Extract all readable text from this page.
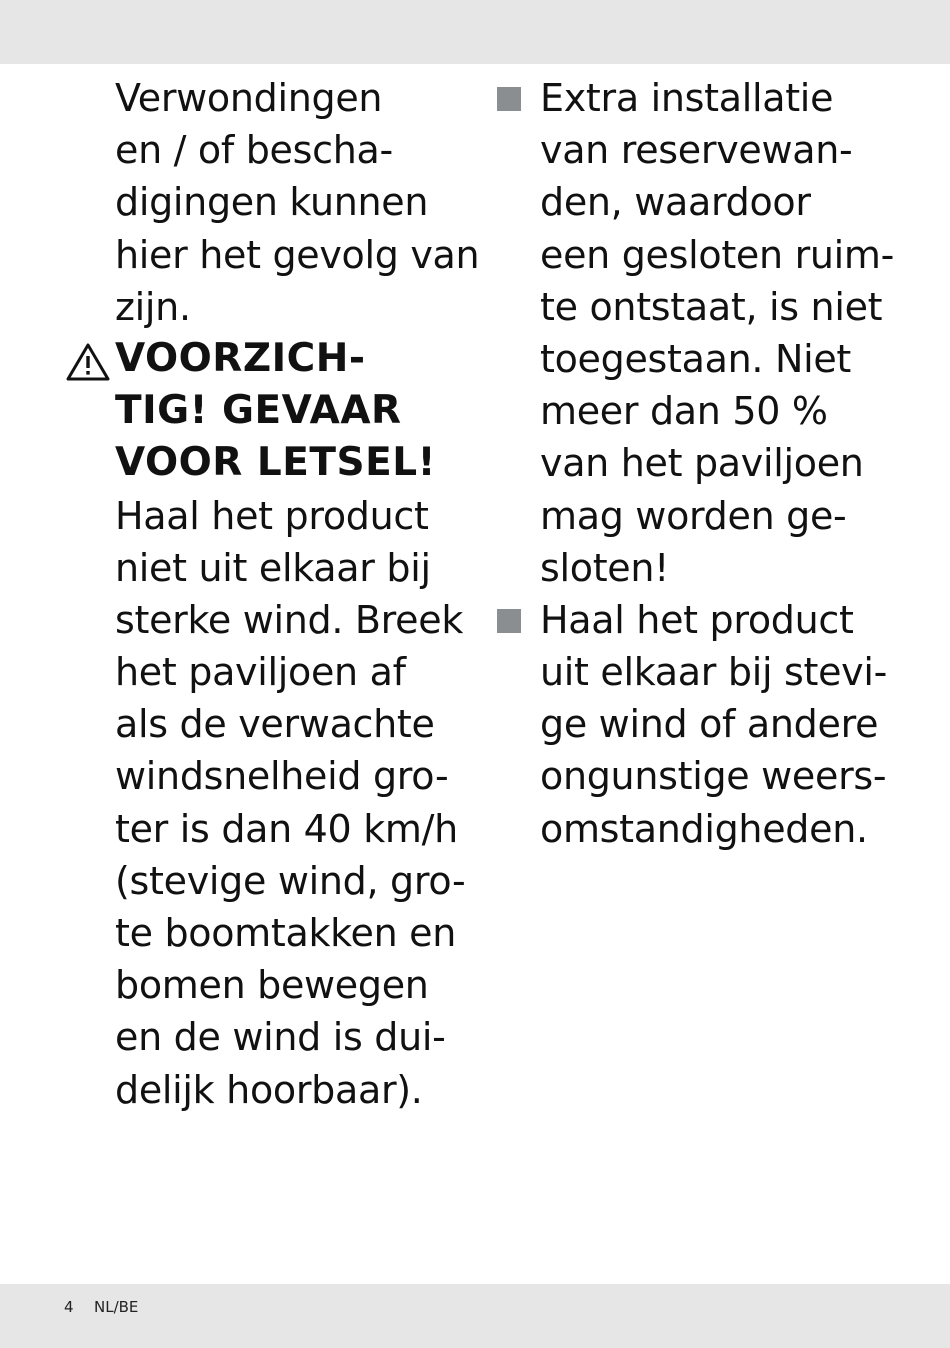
Verwondingen
en / of bescha-
digingen kunnen
hier het gevolg van
zijn.
VOORZICH-
TIG! GEVAAR
VOOR LETSEL!
Haal het product
niet uit elkaar bij
sterke wind. Breek
het paviljoen af
als de verwachte
windsnelheid gro-
ter is dan 40 km/h
(stevige wind, gro-
te boomtakken en
bomen bewegen
en de wind is dui-
delijk hoorbaar).
Extra installatie
van reservewan-
den, waardoor
een gesloten ruim-
te ontstaat, is niet
toegestaan. Niet
meer dan 50 %
van het paviljoen
mag worden ge-
sloten!
Haal het product
uit elkaar bij stevi-
ge wind of andere
ongunstige weers-
omstandigheden.
4 NL/BE
